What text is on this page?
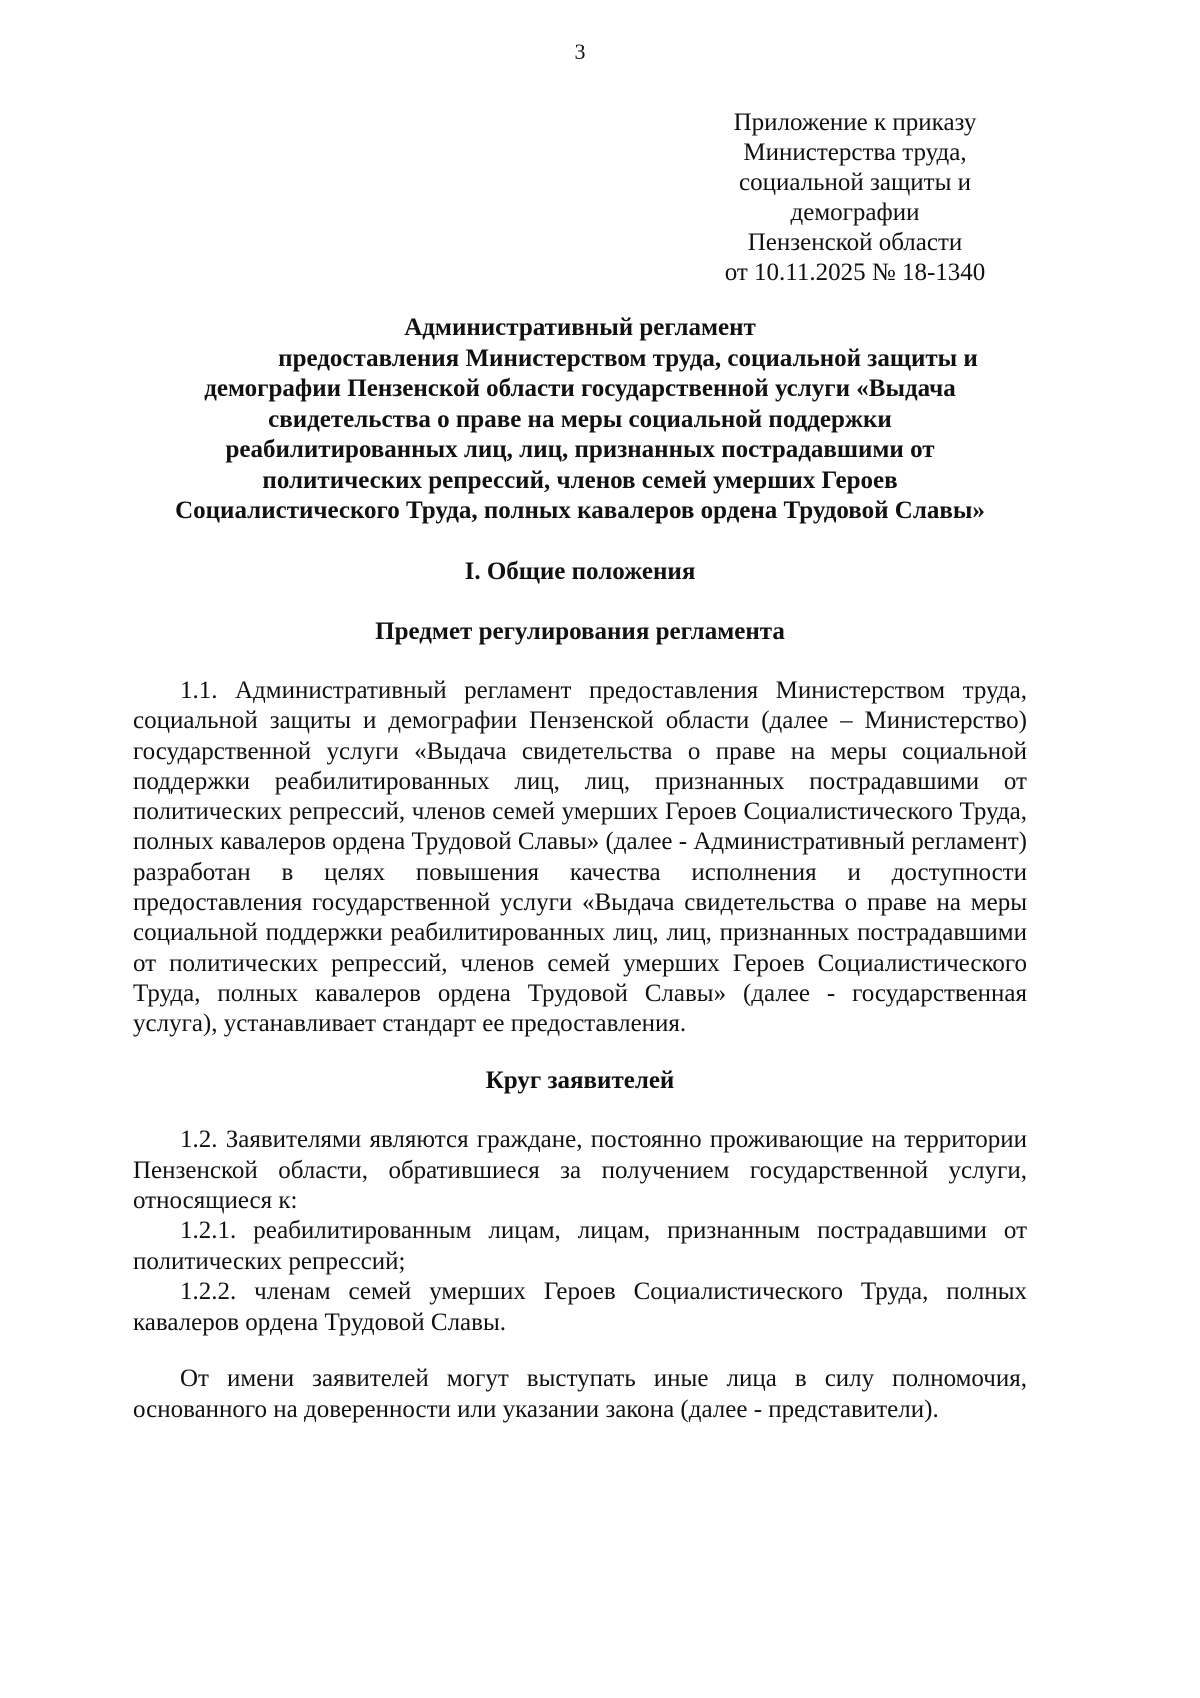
3
Приложение к приказу
Министерства труда,
социальной защиты и
демографии
Пензенской области
от 10.11.2025 № 18-1340
Административный регламент
предоставления Министерством труда, социальной защиты и
демографии Пензенской области государственной услуги «Выдача
свидетельства о праве на меры социальной поддержки
реабилитированных лиц, лиц, признанных пострадавшими от
политических репрессий, членов семей умерших Героев
Социалистического Труда, полных кавалеров ордена Трудовой Славы»
I. Общие положения
Предмет регулирования регламента

1.1. Административный регламент предоставления Министерством труда, социальной защиты и демографии Пензенской области (далее – Министерство) государственной услуги «Выдача свидетельства о праве на меры социальной поддержки реабилитированных лиц, лиц, признанных пострадавшими от политических репрессий, членов семей умерших Героев Социалистического Труда, полных кавалеров ордена Трудовой Славы» (далее - Административный регламент) разработан в целях повышения качества исполнения и доступности предоставления государственной услуги «Выдача свидетельства о праве на меры социальной поддержки реабилитированных лиц, лиц, признанных пострадавшими от политических репрессий, членов семей умерших Героев Социалистического Труда, полных кавалеров ордена Трудовой Славы» (далее - государственная услуга), устанавливает стандарт ее предоставления.

Круг заявителей

1.2. Заявителями являются граждане, постоянно проживающие на территории Пензенской области, обратившиеся за получением государственной услуги, относящиеся к:

1.2.1. реабилитированным лицам, лицам, признанным пострадавшими от политических репрессий;

1.2.2. членам семей умерших Героев Социалистического Труда, полных кавалеров ордена Трудовой Славы.

От имени заявителей могут выступать иные лица в силу полномочия, основанного на доверенности или указании закона (далее - представители).
